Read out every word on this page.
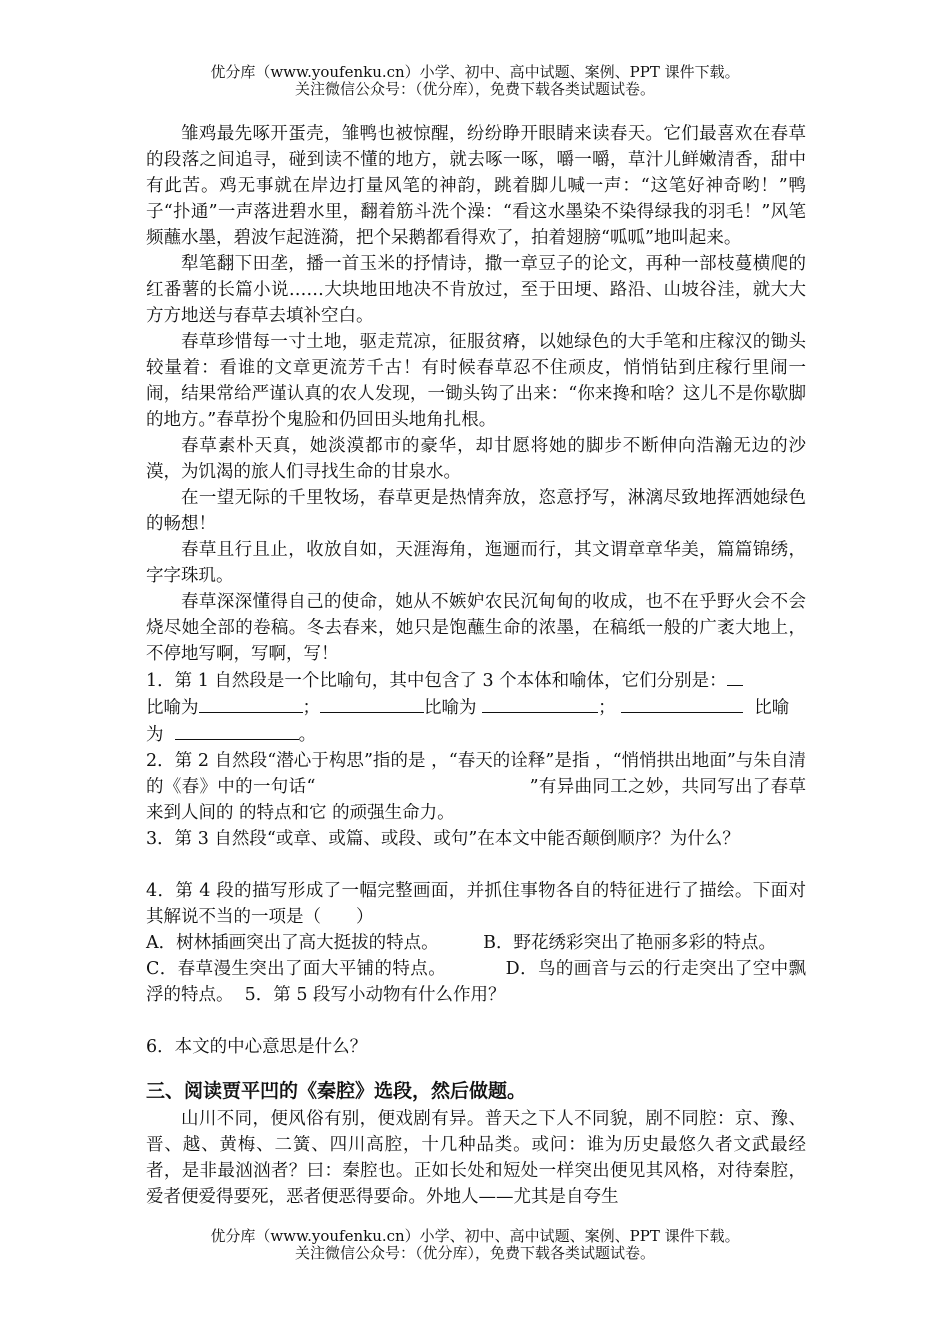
优分库（www.youfenku.cn）小学、初中、高中试题、案例、PPT 课件下载。
关注微信公众号：（优分库），免费下载各类试题试卷。

雏鸡最先啄开蛋壳，雏鸭也被惊醒，纷纷睁开眼睛来读春天。它们最喜欢在春草的段落之间追寻，碰到读不懂的地方，就去啄一啄，嚼一嚼，草汁儿鲜嫩清香，甜中有此苦。鸡无事就在岸边打量风笔的神韵，跳着脚儿喊一声：“这笔好神奇哟！”鸭子“扑通”一声落进碧水里，翻着筋斗洗个澡：“看这水墨染不染得绿我的羽毛！”风笔频蘸水墨，碧波乍起涟漪，把个呆鹅都看得欢了，拍着翅膀“呱呱”地叫起来。

犁笔翻下田垄，播一首玉米的抒情诗，撒一章豆子的论文，再种一部枝蔓横爬的红番薯的长篇小说……大块地田地决不肯放过，至于田埂、路沿、山坡谷洼，就大大方方地送与春草去填补空白。

春草珍惜每一寸土地，驱走荒凉，征服贫瘠，以她绿色的大手笔和庄稼汉的锄头较量着：看谁的文章更流芳千古！有时候春草忍不住顽皮，悄悄钻到庄稼行里闹一闹，结果常给严谨认真的农人发现，一锄头钩了出来：“你来搀和啥？这儿不是你歇脚的地方。”春草扮个鬼脸和仍回田头地角扎根。

春草素朴天真，她淡漠都市的豪华，却甘愿将她的脚步不断伸向浩瀚无边的沙漠，为饥渴的旅人们寻找生命的甘泉水。

在一望无际的千里牧场，春草更是热情奔放，恣意抒写，淋漓尽致地挥洒她绿色的畅想！

春草且行且止，收放自如，天涯海角，迤逦而行，其文谓章章华美，篇篇锦绣，字字珠玑。

春草深深懂得自己的使命，她从不嫉妒农民沉甸甸的收成，也不在乎野火会不会烧尽她全部的卷稿。冬去春来，她只是饱蘸生命的浓墨，在稿纸一般的广袤大地上，不停地写啊，写啊，写！

1．第 1 自然段是一个比喻句，其中包含了 3 个本体和喻体，它们分别是：
比喻为	；	比喻为	；	比喻
为	。

2．第 2 自然段“潜心于构思”指的是 ，“春天的诠释”是指 ，“悄悄拱出地面”与朱自清的《春》中的一句话“　　　　　　　　　　　　”有异曲同工之妙，共同写出了春草来到人间的 的特点和它 的顽强生命力。

3．第 3 自然段“或章、或篇、或段、或句”在本文中能否颠倒顺序？为什么？

4．第 4 段的描写形成了一幅完整画面，并抓住事物各自的特征进行了描绘。下面对其解说不当的一项是（　　）

A．树林插画突出了高大挺拔的特点。	B．野花绣彩突出了艳丽多彩的特点。

C．春草漫生突出了面大平铺的特点。	D．鸟的画音与云的行走突出了空中飘浮的特点。 5．第 5 段写小动物有什么作用？

6．本文的中心意思是什么？

三、阅读贾平凹的《秦腔》选段，然后做题。

山川不同，便风俗有别，便戏剧有异。普天之下人不同貌，剧不同腔：京、豫、晋、越、黄梅、二簧、四川高腔，十几种品类。或问：谁为历史最悠久者文武最经者，是非最汹汹者？曰：秦腔也。正如长处和短处一样突出便见其风格，对待秦腔，爱者便爱得要死，恶者便恶得要命。外地人——尤其是自夸生

优分库（www.youfenku.cn）小学、初中、高中试题、案例、PPT 课件下载。
关注微信公众号：（优分库），免费下载各类试题试卷。
